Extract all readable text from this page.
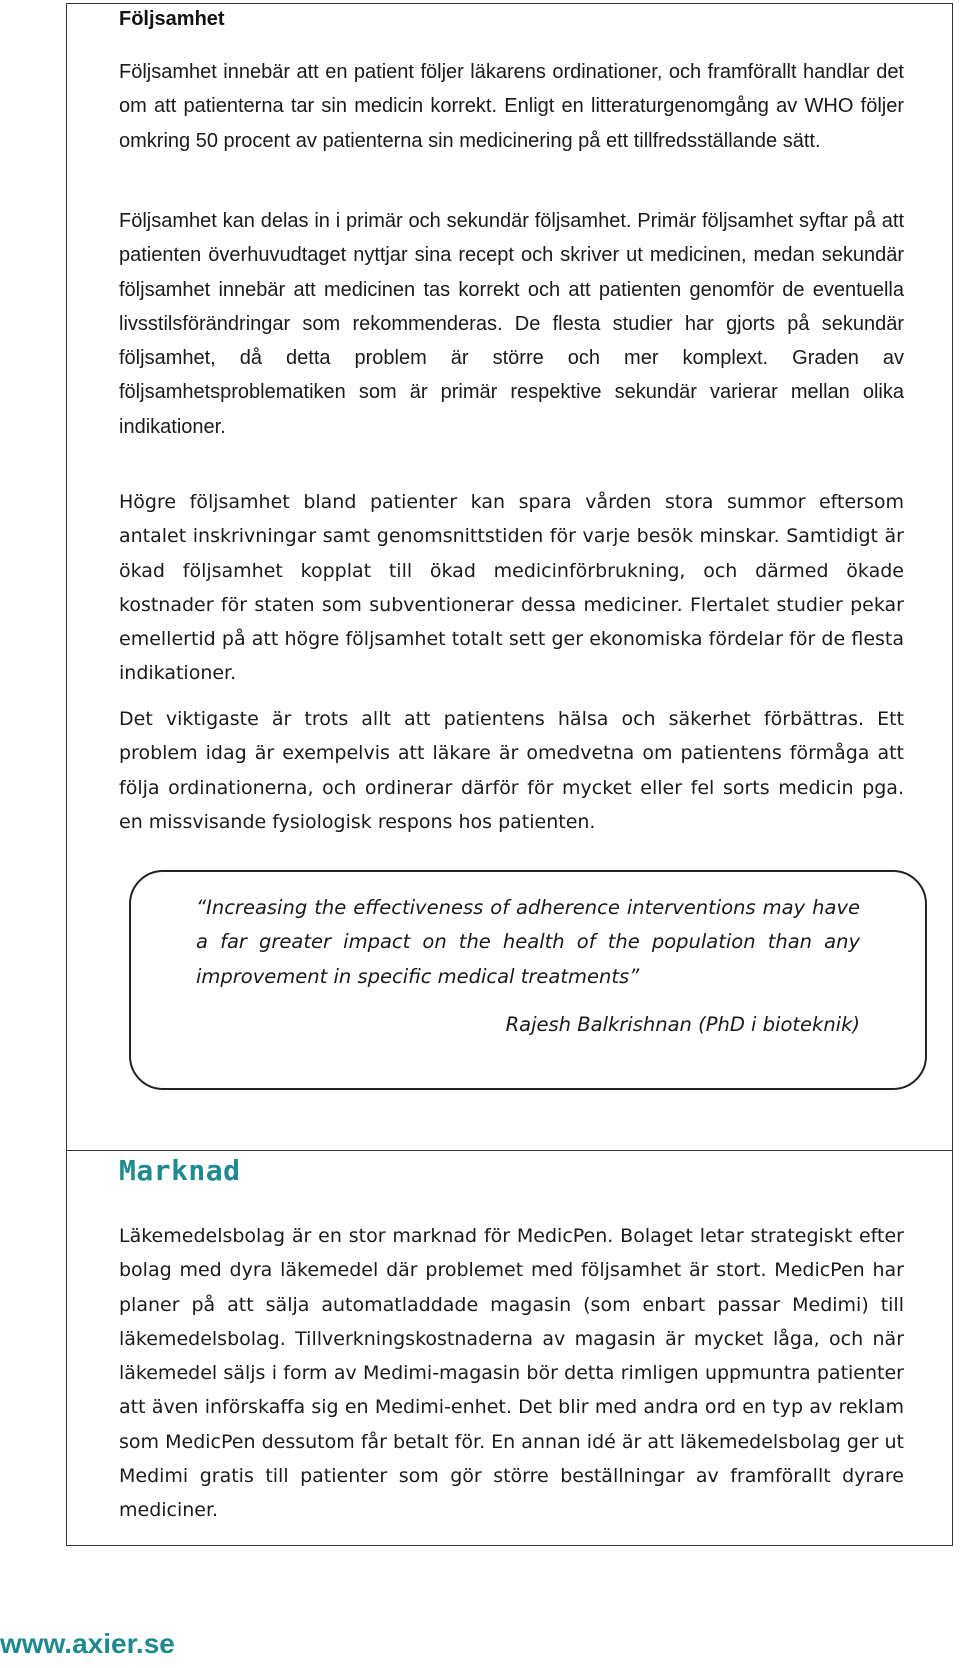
Följsamhet

Följsamhet innebär att en patient följer läkarens ordinationer, och framförallt handlar det om att patienterna tar sin medicin korrekt. Enligt en litteraturgenomgång av WHO följer omkring 50 procent av patienterna sin medicinering på ett tillfredsställande sätt.

Följsamhet kan delas in i primär och sekundär följsamhet. Primär följsamhet syftar på att patienten överhuvudtaget nyttjar sina recept och skriver ut medicinen, medan sekundär följsamhet innebär att medicinen tas korrekt och att patienten genomför de eventuella livsstilsförändringar som rekommenderas. De flesta studier har gjorts på sekundär följsamhet, då detta problem är större och mer komplext. Graden av följsamhetsproblematiken som är primär respektive sekundär varierar mellan olika indikationer.

Högre följsamhet bland patienter kan spara vården stora summor eftersom antalet inskrivningar samt genomsnittstiden för varje besök minskar. Samtidigt är ökad följsamhet kopplat till ökad medicinförbrukning, och därmed ökade kostnader för staten som subventionerar dessa mediciner. Flertalet studier pekar emellertid på att högre följsamhet totalt sett ger ekonomiska fördelar för de flesta indikationer.

Det viktigaste är trots allt att patientens hälsa och säkerhet förbättras. Ett problem idag är exempelvis att läkare är omedvetna om patientens förmåga att följa ordinationerna, och ordinerar därför för mycket eller fel sorts medicin pga. en missvisande fysiologisk respons hos patienten.

“Increasing the effectiveness of adherence interventions may have a far greater impact on the health of the population than any improvement in specific medical treatments”

Rajesh Balkrishnan (PhD i bioteknik)

Marknad

Läkemedelsbolag är en stor marknad för MedicPen. Bolaget letar strategiskt efter bolag med dyra läkemedel där problemet med följsamhet är stort. MedicPen har planer på att sälja automatladdade magasin (som enbart passar Medimi) till läkemedelsbolag. Tillverkningskostnaderna av magasin är mycket låga, och när läkemedel säljs i form av Medimi-magasin bör detta rimligen uppmuntra patienter att även införskaffa sig en Medimi-enhet. Det blir med andra ord en typ av reklam som MedicPen dessutom får betalt för. En annan idé är att läkemedelsbolag ger ut Medimi gratis till patienter som gör större beställningar av framförallt dyrare mediciner.

www.axier.se
